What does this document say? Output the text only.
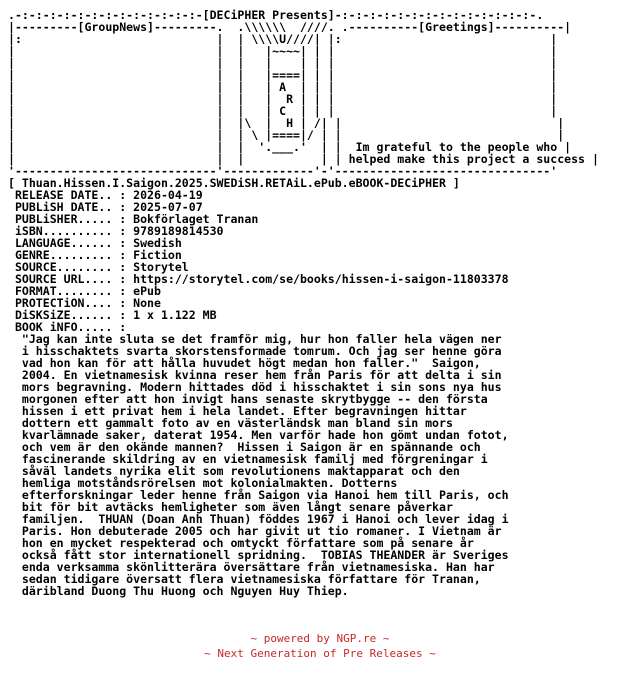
.-:-:-:-:-:-:-:-:-:-:-:-:-:-[DECiPHER Presents]-:-:-:-:-:-:-:-:-:-:-:-:-:-:-.
|---------[GroupNews]---------.  .\\\\\\  ////. .----------[Greetings]----------|
|:                            |  | \\\\U////| |:                              |
|                             |  |   |~~~~| | |                               |
|                             |  |   |    | | |                               |
|                             |  |   |====| | |                               |
|                             |  |   | A  | | |                               |
|                             |  |   |  R | | |                               |
|                             |  |   | C  | | |                               |
|                             |  |\  |  H | /| |                               |
|                             |  | \ |====|/ | |                               |
|                             |  |  '.___.'  | |  Im grateful to the people who |
|                             |  |           | | helped make this project a success |
'-----------------------------'-------------'-'-------------------------------'
[ Thuan.Hissen.I.Saigon.2025.SWEDiSH.RETAiL.ePub.eBOOK-DECiPHER ]
RELEASE DATE.. : 2026-04-19
PUBLiSH DATE.. : 2025-07-07
PUBLiSHER..... : Bokförlaget Tranan
iSBN.......... : 9789189814530
LANGUAGE...... : Swedish
GENRE......... : Fiction
SOURCE........ : Storytel
SOURCE URL.... : https://storytel.com/se/books/hissen-i-saigon-11803378
FORMAT........ : ePub
PROTECTiON.... : None
DiSKSiZE...... : 1 x 1.122 MB
BOOK iNFO..... :
"Jag kan inte sluta se det framför mig, hur hon faller hela vägen ner
i hisschaktets svarta skorstensformade tomrum. Och jag ser henne göra
vad hon kan för att hålla huvudet högt medan hon faller."  Saigon,
2004. En vietnamesisk kvinna reser hem från Paris för att delta i sin
mors begravning. Modern hittades död i hisschaktet i sin sons nya hus
morgonen efter att hon invigt hans senaste skrytbygge -- den första
hissen i ett privat hem i hela landet. Efter begravningen hittar
dottern ett gammalt foto av en västerländsk man bland sin mors
kvarlämnade saker, daterat 1954. Men varför hade hon gömt undan fotot,
och vem är den okände mannen?  Hissen i Saigon är en spännande och
fascinerande skildring av en vietnamesisk familj med förgreningar i
såväl landets nyrika elit som revolutionens maktapparat och den
hemliga motståndsrörelsen mot kolonialmakten. Dotterns
efterforskningar leder henne från Saigon via Hanoi hem till Paris, och
bit för bit avtäcks hemligheter som även långt senare påverkar
familjen.  THUAN (Doan Anh Thuan) föddes 1967 i Hanoi och lever idag i
Paris. Hon debuterade 2005 och har givit ut tio romaner. I Vietnam är
hon en mycket respekterad och omtyckt författare som på senare år
också fått stor internationell spridning.  TOBIAS THEANDER är Sveriges
enda verksamma skönlitterära översättare från vietnamesiska. Han har
sedan tidigare översatt flera vietnamesiska författare för Tranan,
däribland Duong Thu Huong och Nguyen Huy Thiep.
~ powered by NGP.re ~
~ Next Generation of Pre Releases ~
